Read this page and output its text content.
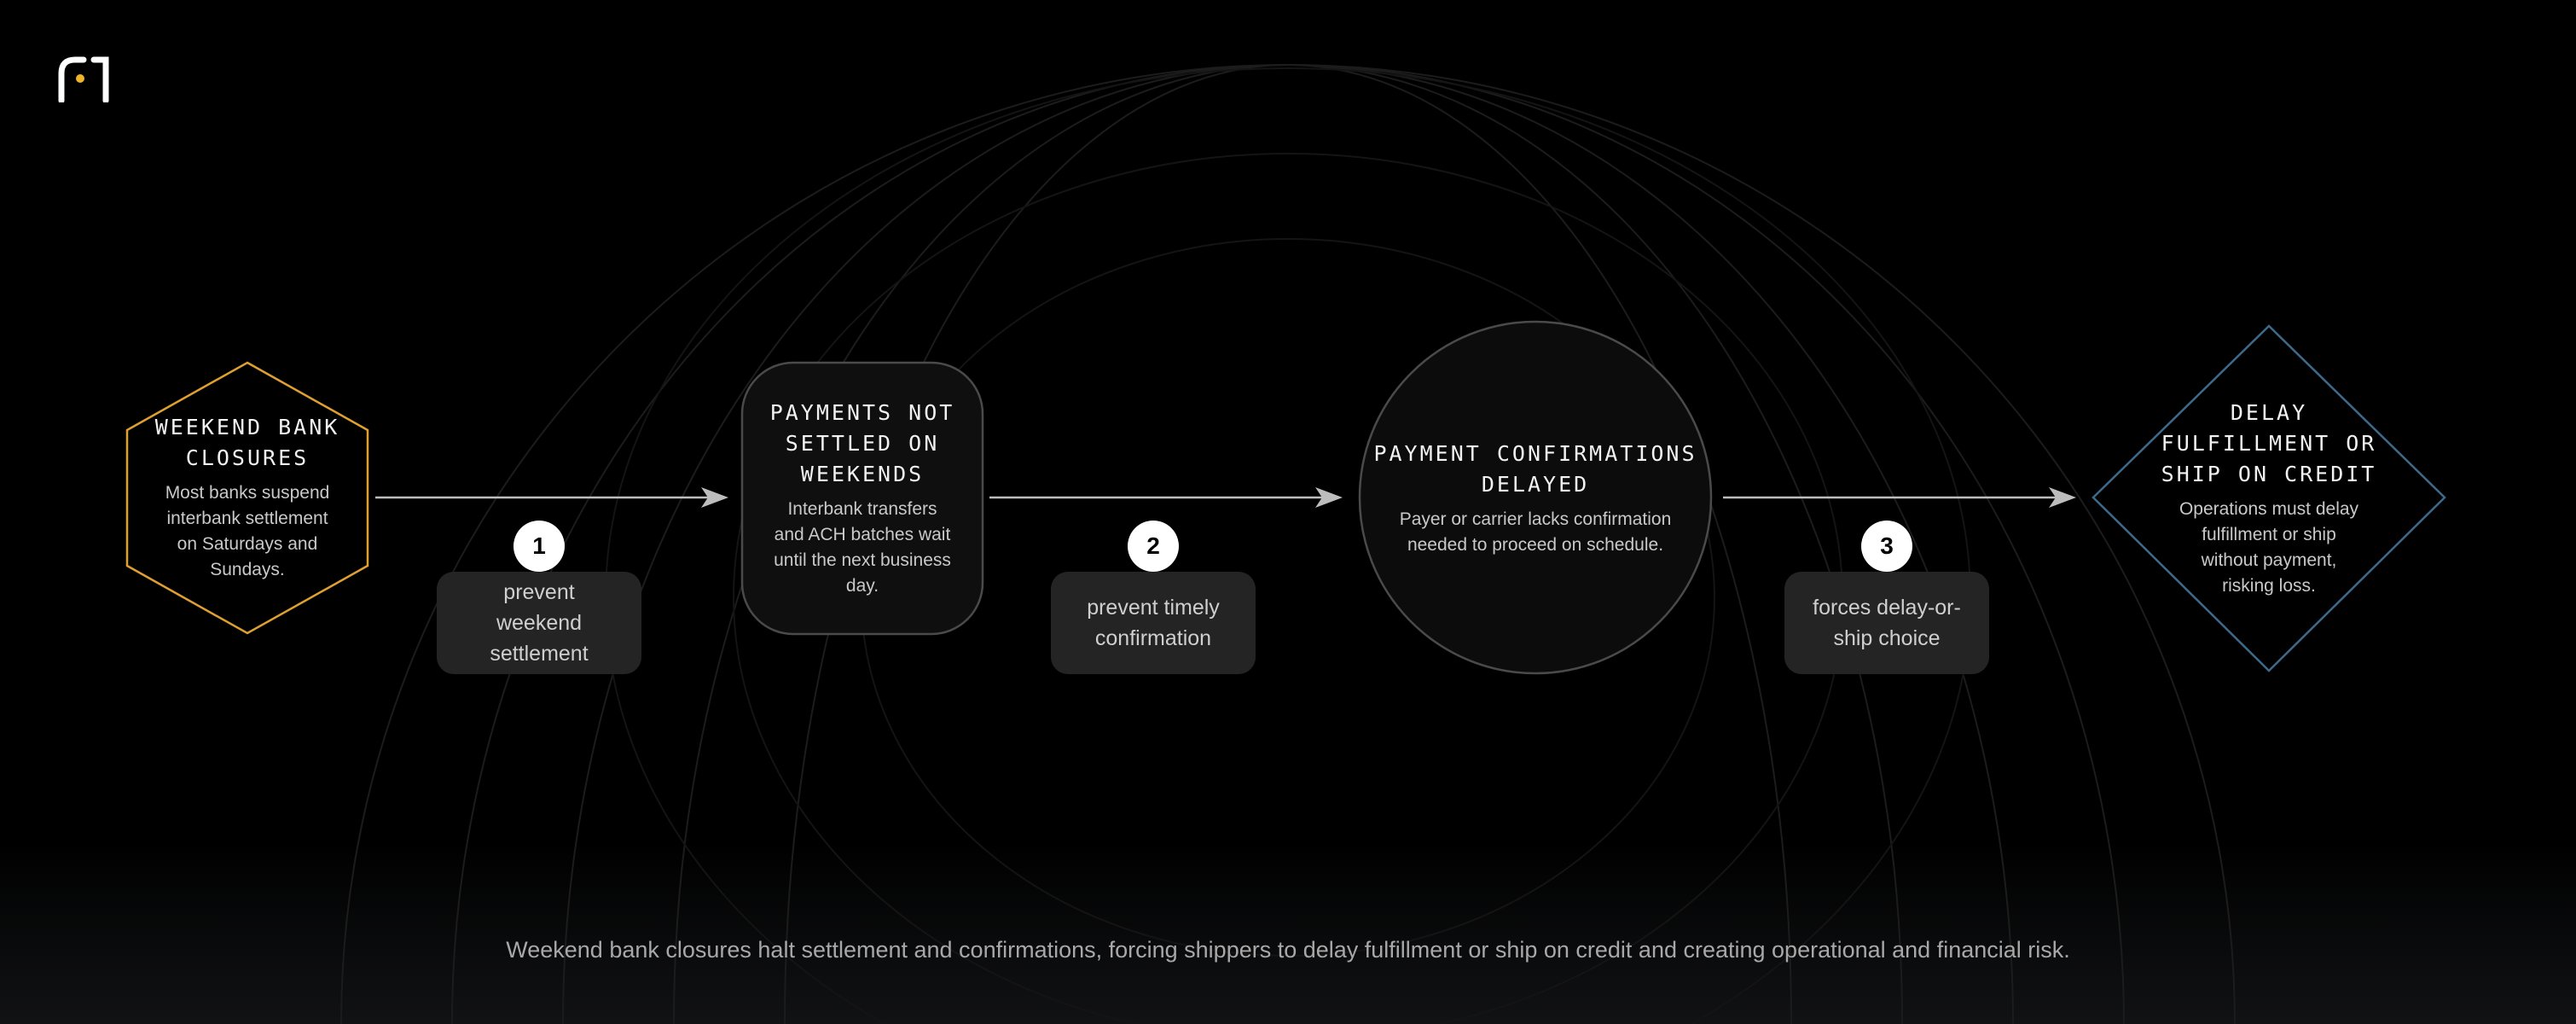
WEEKEND BANK
CLOSURES
Most banks suspend
interbank settlement
on Saturdays and
Sundays.
PAYMENTS NOT
SETTLED ON
WEEKENDS
Interbank transfers
and ACH batches wait
until the next business
day.
PAYMENT CONFIRMATIONS
DELAYED
Payer or carrier lacks confirmation
needed to proceed on schedule.
DELAY
FULFILLMENT OR
SHIP ON CREDIT
Operations must delay
fulfillment or ship
without payment,
risking loss.
prevent
weekend
settlement
1
prevent timely
confirmation
2
forces delay-or-
ship choice
3
Weekend bank closures halt settlement and confirmations, forcing shippers to delay fulfillment or ship on credit and creating operational and financial risk.
